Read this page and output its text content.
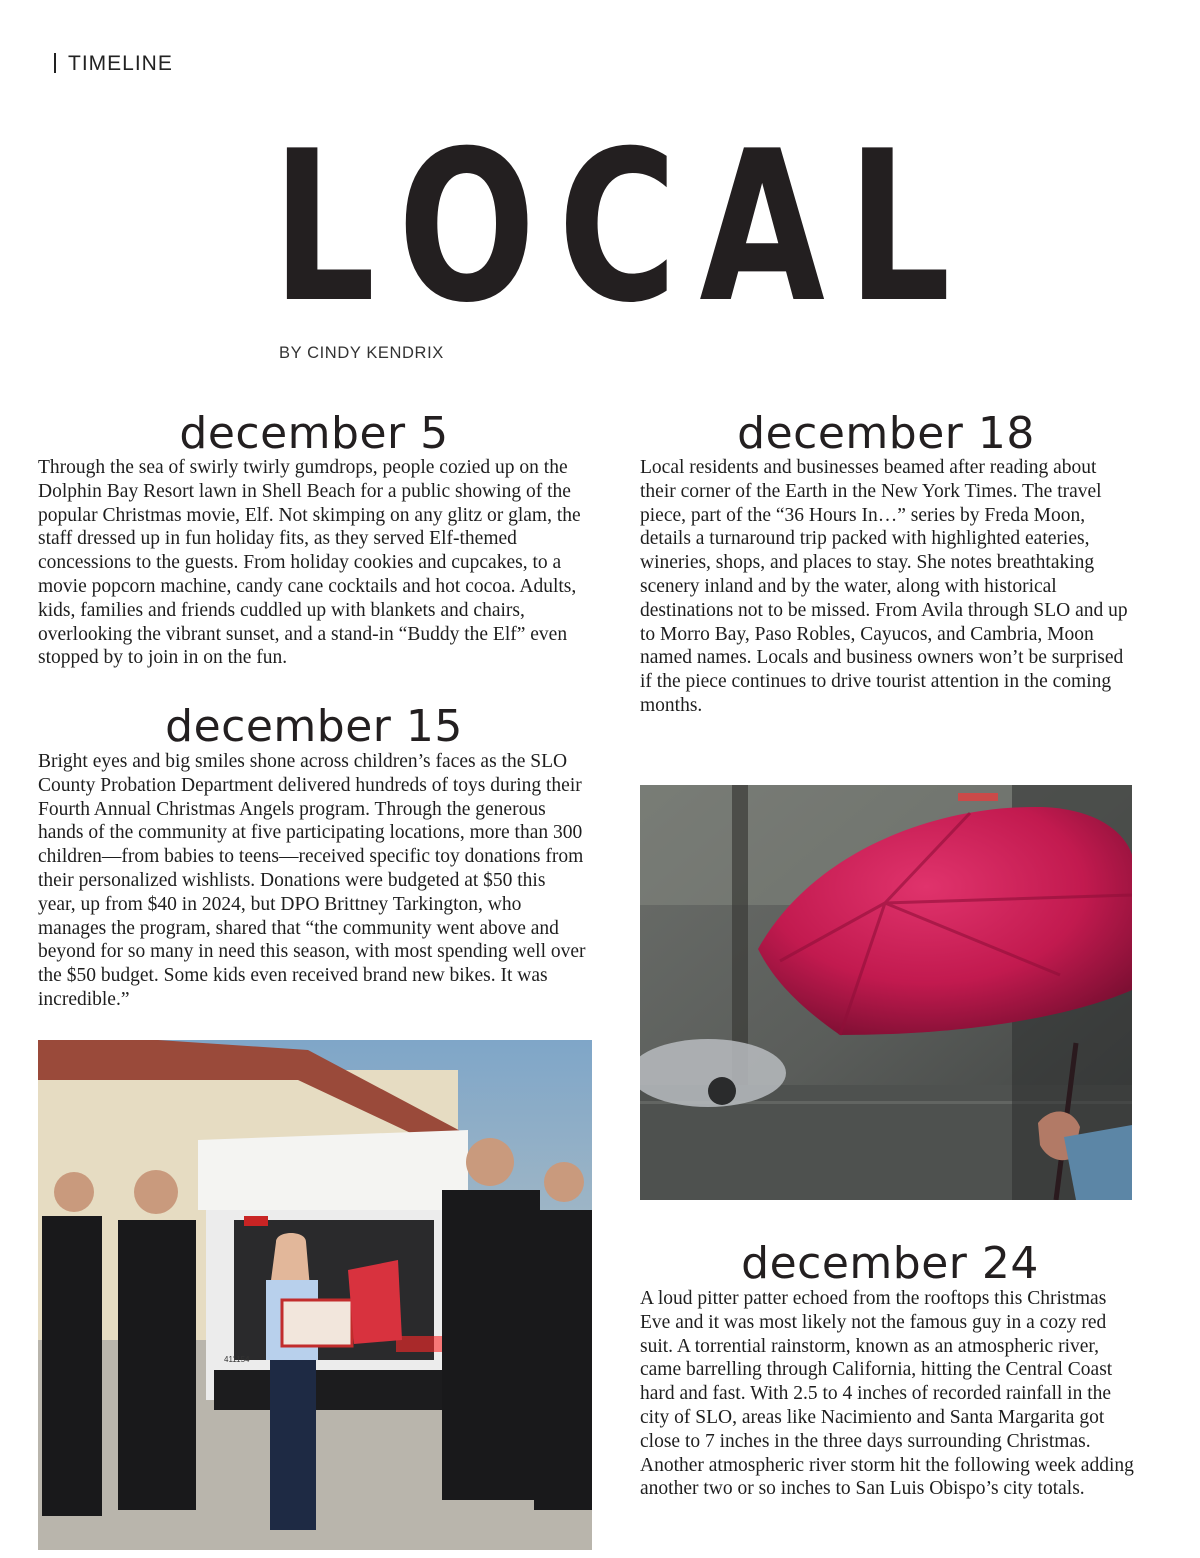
TIMELINE
L O C A L
BY CINDY KENDRIX
december 5

Through the sea of swirly twirly gumdrops, people cozied up on the Dolphin Bay Resort lawn in Shell Beach for a public showing of the popular Christmas movie, Elf. Not skimping on any glitz or glam, the staff dressed up in fun holiday fits, as they served Elf-themed concessions to the guests. From holiday cookies and cupcakes, to a movie popcorn machine, candy cane cocktails and hot cocoa. Adults, kids, families and friends cuddled up with blankets and chairs, overlooking the vibrant sunset, and a stand-in “Buddy the Elf” even stopped by to join in on the fun.

december 15

Bright eyes and big smiles shone across children’s faces as the SLO County Probation Department delivered hundreds of toys during their Fourth Annual Christmas Angels program. Through the generous hands of the community at five participating locations, more than 300 children—from babies to teens—received specific toy donations from their personalized wishlists. Donations were budgeted at $50 this year, up from $40 in 2024, but DPO Brittney Tarkington, who manages the program, shared that “the community went above and beyond for so many in need this season, with most spending well over the $50 budget. Some kids even received brand new bikes. It was incredible.”

december 18

Local residents and businesses beamed after reading about their corner of the Earth in the New York Times. The travel piece, part of the “36 Hours In…” series by Freda Moon, details a turnaround trip packed with highlighted eateries, wineries, shops, and places to stay. She notes breathtaking scenery inland and by the water, along with historical destinations not to be missed. From Avila through SLO and up to Morro Bay, Paso Robles, Cayucos, and Cambria, Moon named names. Locals and business owners won’t be surprised if the piece continues to drive tourist attention in the coming months.

december 24

A loud pitter patter echoed from the rooftops this Christmas Eve and it was most likely not the famous guy in a cozy red suit. A torrential rainstorm, known as an atmospheric river, came barrelling through California, hitting the Central Coast hard and fast. With 2.5 to 4 inches of recorded rainfall in the city of SLO, areas like Nacimiento and Santa Margarita got close to 7 inches in the three days surrounding Christmas. Another atmospheric river storm hit the following week adding another two or so inches to San Luis Obispo’s city totals.

411154
